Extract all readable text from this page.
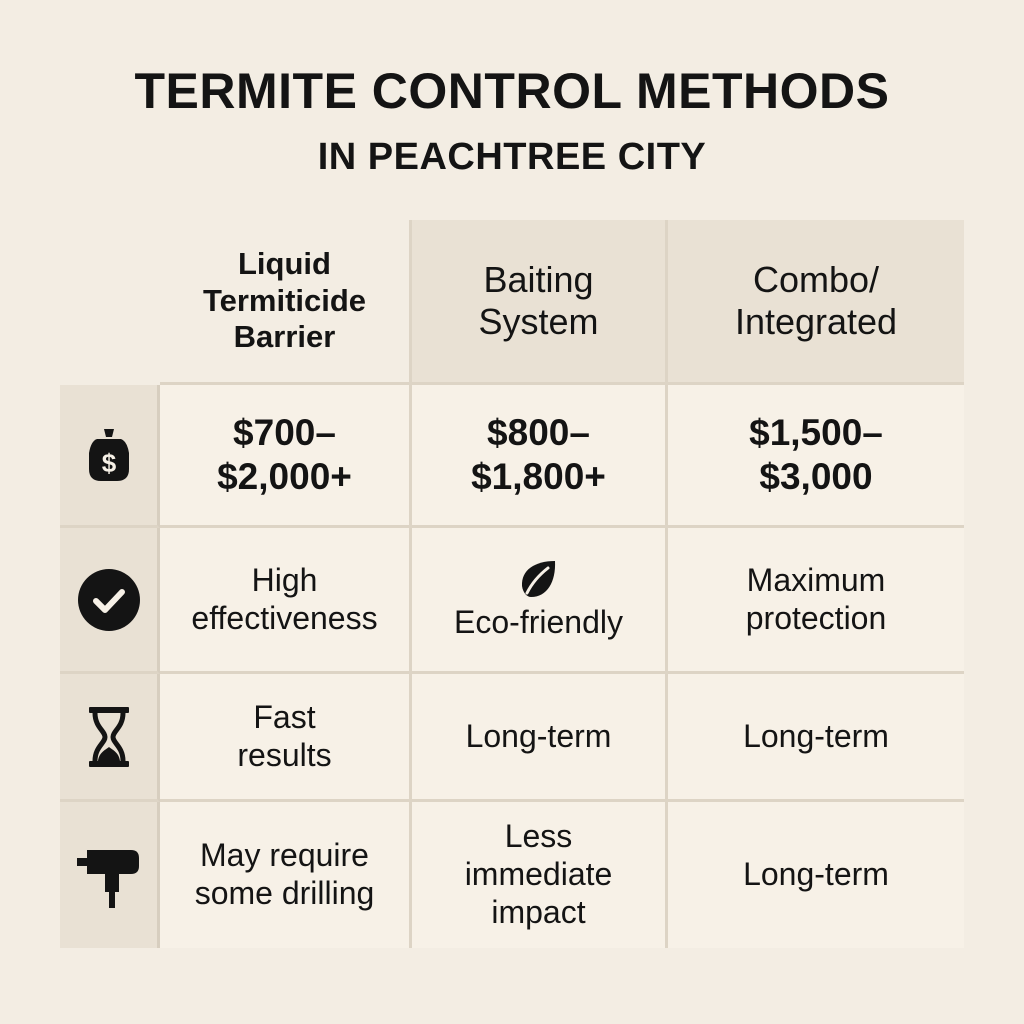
TERMITE CONTROL METHODS
IN PEACHTREE CITY
Liquid
Termiticide
Barrier
Baiting
System
Combo/
Integrated
$
$700–
$2,000+
$800–
$1,800+
$1,500–
$3,000
High
effectiveness Eco-friendly
Maximum
protection
Fast
results
Long-term	Long-term
May require
some drilling
Less
immediate
impact
Long-term
